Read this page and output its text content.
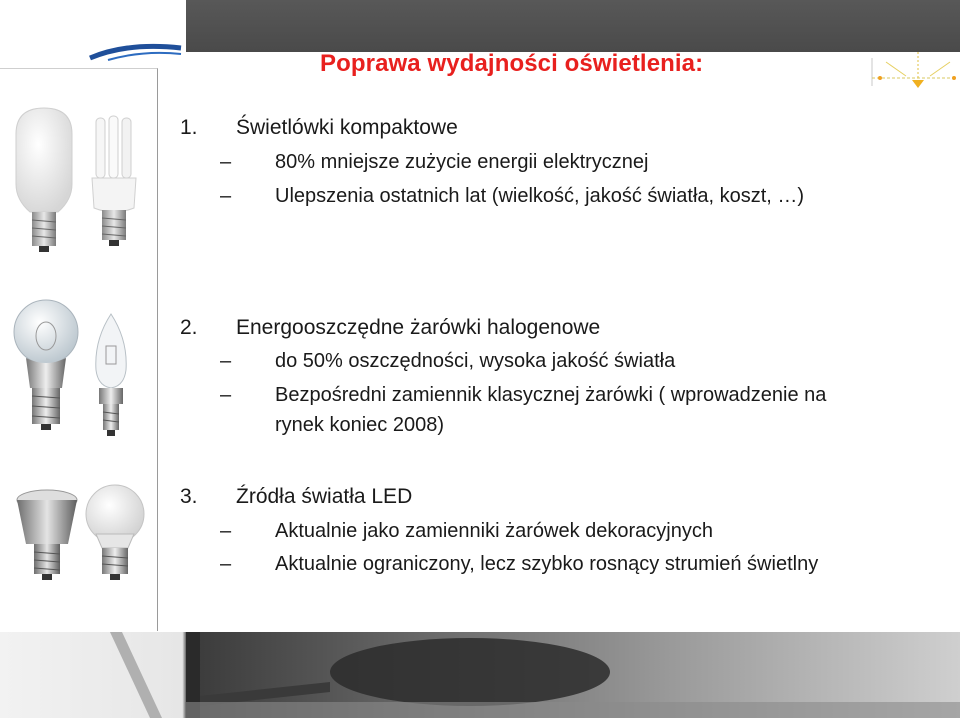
Poprawa wydajności oświetlenia:
1. Świetlówki kompaktowe
– 80% mniejsze zużycie energii elektrycznej
– Ulepszenia ostatnich lat (wielkość, jakość światła, koszt, …)
2. Energooszczędne żarówki halogenowe
– do 50% oszczędności, wysoka jakość światła
– Bezpośredni zamiennik klasycznej żarówki ( wprowadzenie na
rynek koniec 2008)
3. Źródła światła LED
– Aktualnie jako zamienniki żarówek dekoracyjnych
– Aktualnie ograniczony, lecz szybko rosnący strumień świetlny
